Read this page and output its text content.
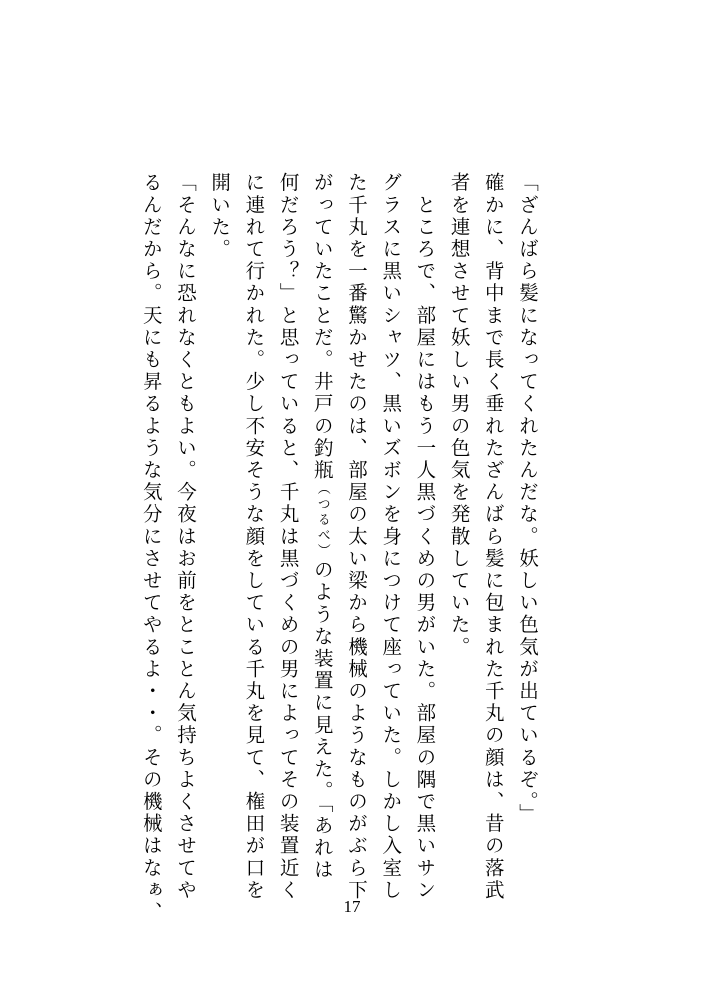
「ざんばら髪になってくれたんだな。妖しい色気が出ているぞ。」
確かに、背中まで長く垂れたざんばら髪に包まれた千丸の顔は、昔の落武
者を連想させて妖しい男の色気を発散していた。
　ところで、部屋にはもう一人黒づくめの男がいた。部屋の隅で黒いサン
グラスに黒いシャツ、黒いズボンを身につけて座っていた。しかし入室し
た千丸を一番驚かせたのは、部屋の太い梁から機械のようなものがぶら下
がっていたことだ。井戸の釣瓶（つるべ）のような装置に見えた。「あれは
何だろう？」と思っていると、千丸は黒づくめの男によってその装置近く
に連れて行かれた。少し不安そうな顔をしている千丸を見て、権田が口を
開いた。
「そんなに恐れなくともよい。今夜はお前をとことん気持ちよくさせてや
るんだから。天にも昇るような気分にさせてやるよ・・。その機械はなぁ、	17
